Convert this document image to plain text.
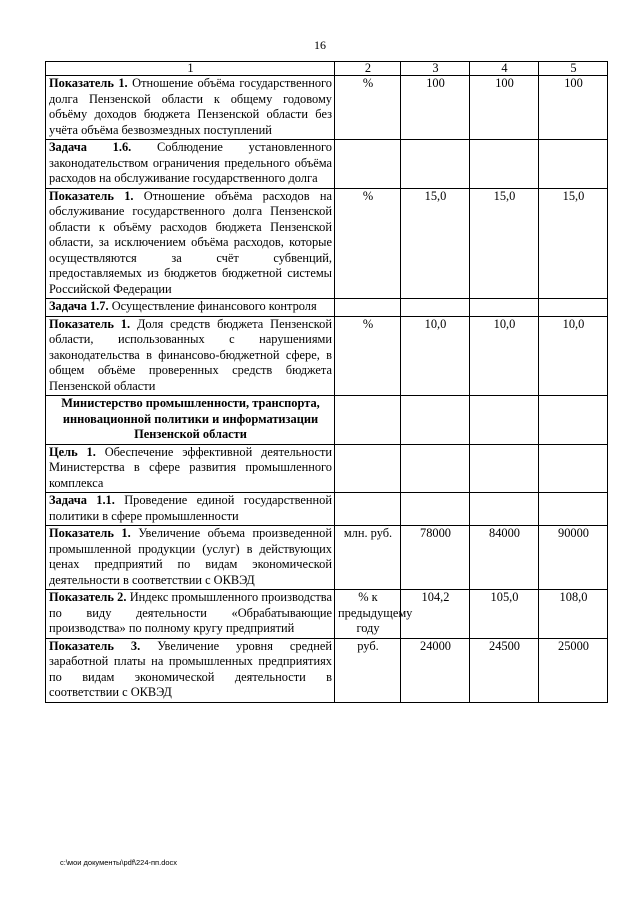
16
1	2	3	4	5
Показатель 1. Отношение объёма государственного долга Пензенской области к общему годовому объёму доходов бюджета Пензенской области без учёта объёма безвозмездных поступлений	%	100	100	100
Задача 1.6. Соблюдение установленного законодательством ограничения предельного объёма расходов на обслуживание государственного долга				
Показатель 1. Отношение объёма расходов на обслуживание государственного долга Пензенской области к объёму расходов бюджета Пензенской области, за исключением объёма расходов, которые осуществляются за счёт субвенций, предоставляемых из бюджетов бюджетной системы Российской Федерации	%	15,0	15,0	15,0
Задача 1.7. Осуществление финансового контроля				
Показатель 1. Доля средств бюджета Пензенской области, использованных с нарушениями законодательства в финансово-бюджетной сфере, в общем объёме проверенных средств бюджета Пензенской области	%	10,0	10,0	10,0
Министерство промышленности, транспорта, инновационной политики и информатизации Пензенской области				
Цель 1. Обеспечение эффективной деятельности Министерства в сфере развития промышленного комплекса				
Задача 1.1. Проведение единой государственной политики в сфере промышленности				
Показатель 1. Увеличение объема произведенной промышленной продукции (услуг) в действующих ценах предприятий по видам экономической деятельности в соответствии с ОКВЭД	млн. руб.	78000	84000	90000
Показатель 2. Индекс промышленного производства по виду деятельности «Обрабатывающие производства» по полному кругу предприятий	% к предыдущему году	104,2	105,0	108,0
Показатель 3. Увеличение уровня средней заработной платы на промышленных предприятиях по видам экономической деятельности в соответствии с ОКВЭД	руб.	24000	24500	25000
c:\мои документы\pdf\224-пп.docx
